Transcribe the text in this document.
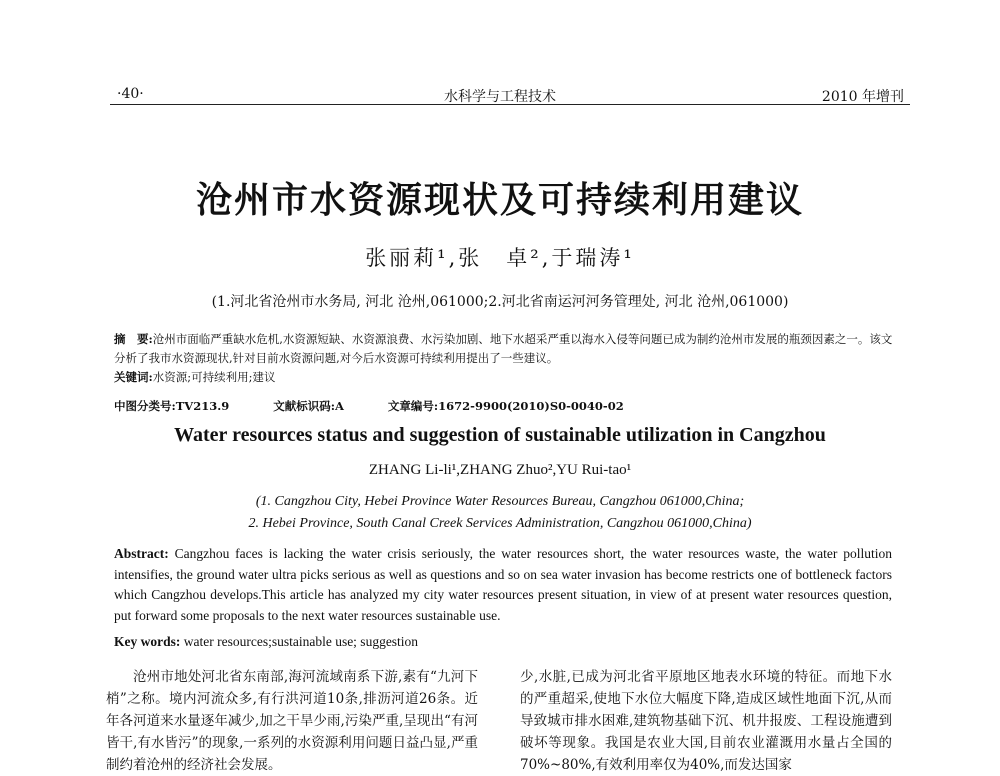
·40·	水科学与工程技术	2010 年增刊
沧州市水资源现状及可持续利用建议
张丽莉¹,张　卓²,于瑞涛¹
(1.河北省沧州市水务局, 河北 沧州,061000;2.河北省南运河河务管理处, 河北 沧州,061000)
摘　要:沧州市面临严重缺水危机,水资源短缺、水资源浪费、水污染加剧、地下水超采严重以海水入侵等问题已成为制约沧州市发展的瓶颈因素之一。该文分析了我市水资源现状,针对目前水资源问题,对今后水资源可持续利用提出了一些建议。
关键词:水资源;可持续利用;建议
中图分类号:TV213.9	文献标识码:A	文章编号:1672-9900(2010)S0-0040-02
Water resources status and suggestion of sustainable utilization in Cangzhou
ZHANG Li-li¹,ZHANG Zhuo²,YU Rui-tao¹
(1. Cangzhou City, Hebei Province Water Resources Bureau, Cangzhou 061000,China;
2. Hebei Province, South Canal Creek Services Administration, Cangzhou 061000,China)
Abstract: Cangzhou faces is lacking the water crisis seriously, the water resources short, the water resources waste, the water pollution intensifies, the ground water ultra picks serious as well as questions and so on sea water invasion has become restricts one of bottleneck factors which Cangzhou develops.This article has analyzed my city water resources present situation, in view of at present water resources question, put forward some proposals to the next water resources sustainable use.
Key words: water resources;sustainable use; suggestion
沧州市地处河北省东南部,海河流域南系下游,素有“九河下梢”之称。境内河流众多,有行洪河道10条,排沥河道26条。近年各河道来水量逐年减少,加之干旱少雨,污染严重,呈现出“有河皆干,有水皆污”的现象,一系列的水资源利用问题日益凸显,严重制约着沧州的经济社会发展。
少,水脏,已成为河北省平原地区地表水环境的特征。而地下水的严重超采,使地下水位大幅度下降,造成区域性地面下沉,从而导致城市排水困难,建筑物基础下沉、机井报废、工程设施遭到破坏等现象。我国是农业大国,目前农业灌溉用水量占全国的70%~80%,有效利用率仅为40%,而发达国家
